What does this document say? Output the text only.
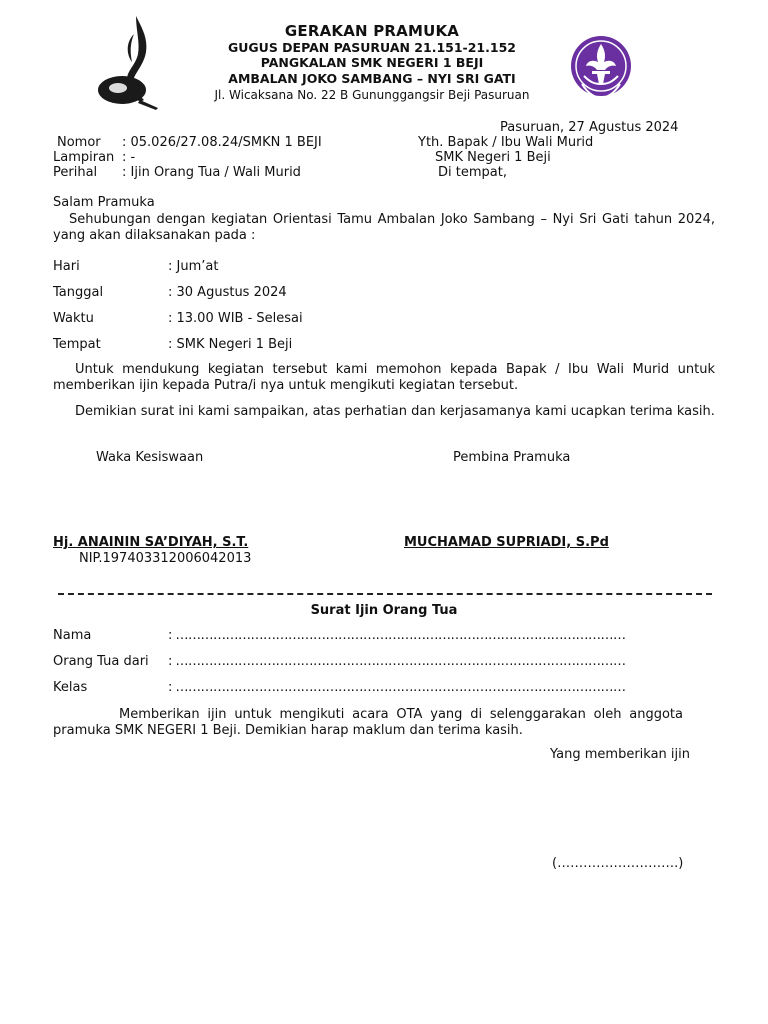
GERAKAN PRAMUKA
GUGUS DEPAN PASURUAN 21.151-21.152
PANGKALAN SMK NEGERI 1 BEJI
AMBALAN JOKO SAMBANG – NYI SRI GATI
Jl. Wicaksana No. 22 B Gununggangsir Beji Pasuruan
Pasuruan, 27 Agustus 2024
Nomor : 05.026/27.08.24/SMKN 1 BEJI
Lampiran : -
Perihal : Ijin Orang Tua / Wali Murid
Yth. Bapak / Ibu Wali Murid
SMK Negeri 1 Beji
Di tempat,
Salam Pramuka
Sehubungan dengan kegiatan Orientasi Tamu Ambalan Joko Sambang – Nyi Sri Gati tahun 2024, yang akan dilaksanakan pada :
Hari	: Jum’at
Tanggal	: 30 Agustus 2024
Waktu	: 13.00 WIB - Selesai
Tempat	: SMK Negeri 1 Beji
Untuk mendukung kegiatan tersebut kami memohon kepada Bapak / Ibu Wali Murid untuk memberikan ijin kepada Putra/i nya untuk mengikuti kegiatan tersebut.
Demikian surat ini kami sampaikan, atas perhatian dan kerjasamanya kami ucapkan terima kasih.
Waka Kesiswaan	Pembina Pramuka
Hj. ANAININ SA’DIYAH, S.T.
NIP.197403312006042013
MUCHAMAD SUPRIADI, S.Pd
Surat Ijin Orang Tua
Nama	: ………………………………………………………………………………………………
Orang Tua dari : ………………………………………………………………………………………………
Kelas	: ………………………………………………………………………………………………
Memberikan ijin untuk mengikuti acara OTA yang di selenggarakan oleh anggota pramuka SMK NEGERI 1 Beji. Demikian harap maklum dan terima kasih.
Yang memberikan ijin
(……………………….)
